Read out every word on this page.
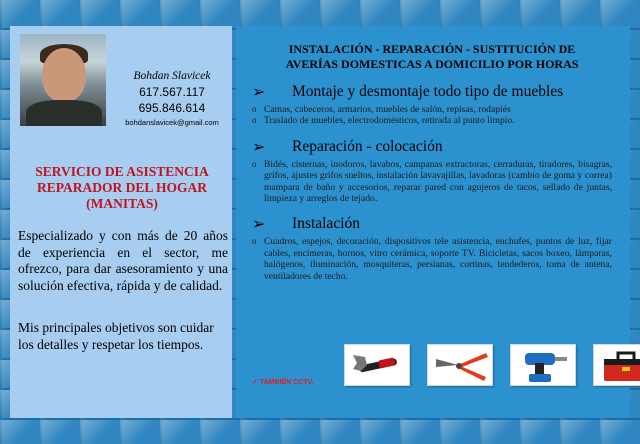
Bohdan Slavicek
617.567.117
695.846.614
bohdanslavicek@gmail.com
SERVICIO DE ASISTENCIA
REPARADOR DEL HOGAR
(MANITAS)
Especializado y con más de 20 años de experiencia en el sector, me ofrezco, para dar asesoramiento y una solución efectiva, rápida y de calidad.
Mis principales objetivos son cuidar los detalles y respetar los tiempos.
INSTALACIÓN - REPARACIÓN - SUSTITUCIÓN DE
AVERÍAS DOMESTICAS A DOMICILIO POR HORAS
➢	Montaje y desmontaje todo tipo de muebles
o Camas, cabeceros, armarios, muebles de salón, repisas, rodapiés
o Traslado de muebles, electrodomésticos, retirada al punto limpio.
➢	Reparación - colocación
o Bidés, cisternas, inodoros, lavabos, campanas extractoras, cerraduras, tiradores, bisagras, grifos, ajustes grifos sueltos, instalación lavavajillas, lavadoras (cambio de goma y correa) mampara de baño y accesorios, reparar pared con agujeros de tacos, sellado de juntas, limpieza y arreglos de tejado.
➢	Instalación
o Cuadros, espejos, decoración, dispositivos tele asistencia, enchufes, puntos de luz, fijar cables, encimeras, hornos, vitro cerámica, soporte TV. Bicicletas, sacos boxeo, lámparas, halógenos, iluminación, mosquiteras, persianas, cortinas, tendederos, toma de antena, ventiladores de techo.
✓ TAMBIÉN CCTV.
